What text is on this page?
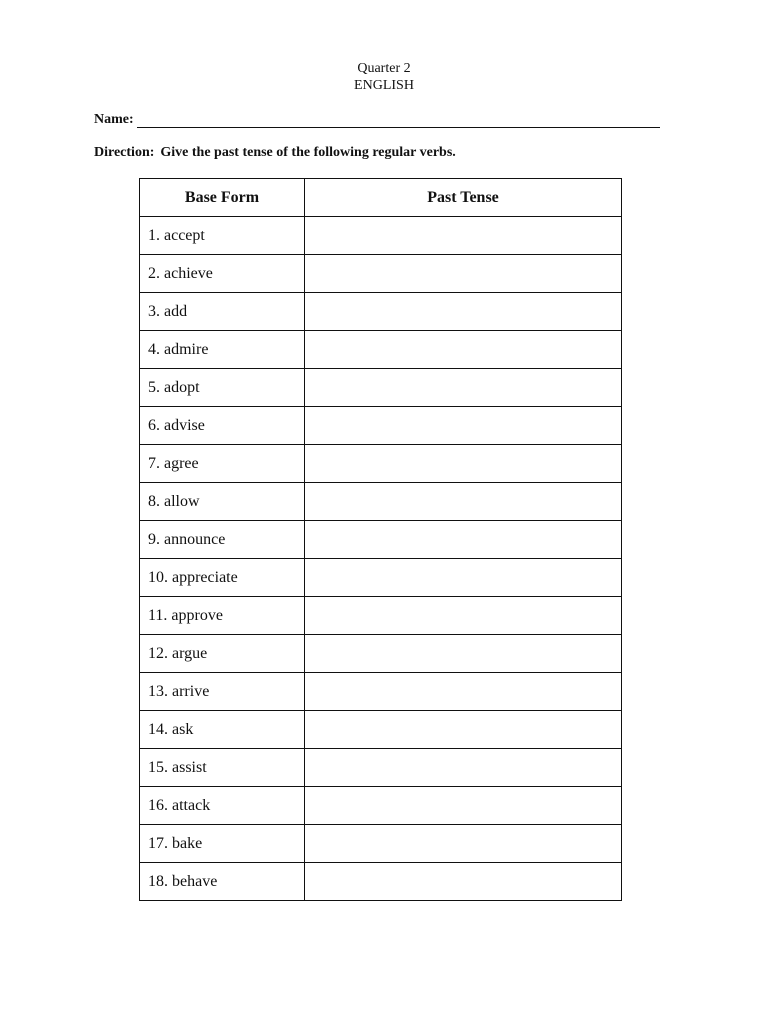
Quarter 2
ENGLISH
Name:
Direction: Give the past tense of the following regular verbs.
Base Form	Past Tense
1. accept	
2. achieve	
3. add	
4. admire	
5. adopt	
6. advise	
7. agree	
8. allow	
9. announce	
10. appreciate	
11. approve	
12. argue	
13. arrive	
14. ask	
15. assist	
16. attack	
17. bake	
18. behave	
